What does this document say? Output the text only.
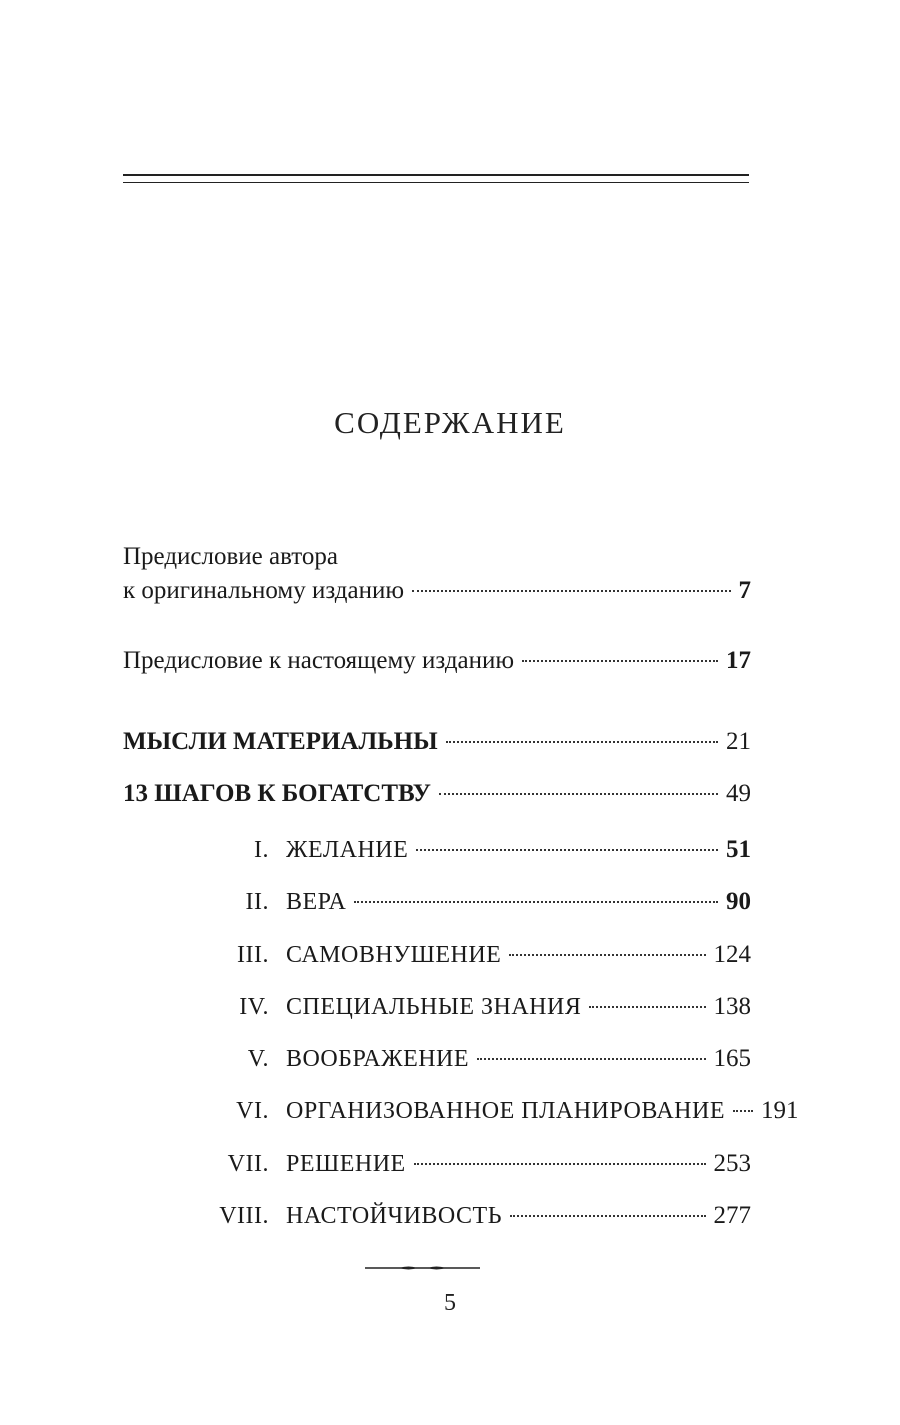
СОДЕРЖАНИЕ
Предисловие автора
к оригинальному изданию	7
Предисловие к настоящему изданию	17
МЫСЛИ МАТЕРИАЛЬНЫ	21
13 ШАГОВ К БОГАТСТВУ	49
I. ЖЕЛАНИЕ	51
II. ВЕРА	90
III. САМОВНУШЕНИЕ	124
IV. СПЕЦИАЛЬНЫЕ ЗНАНИЯ	138
V. ВООБРАЖЕНИЕ	165
VI. ОРГАНИЗОВАННОЕ ПЛАНИРОВАНИЕ 191
VII. РЕШЕНИЕ	253
VIII. НАСТОЙЧИВОСТЬ	277
5
